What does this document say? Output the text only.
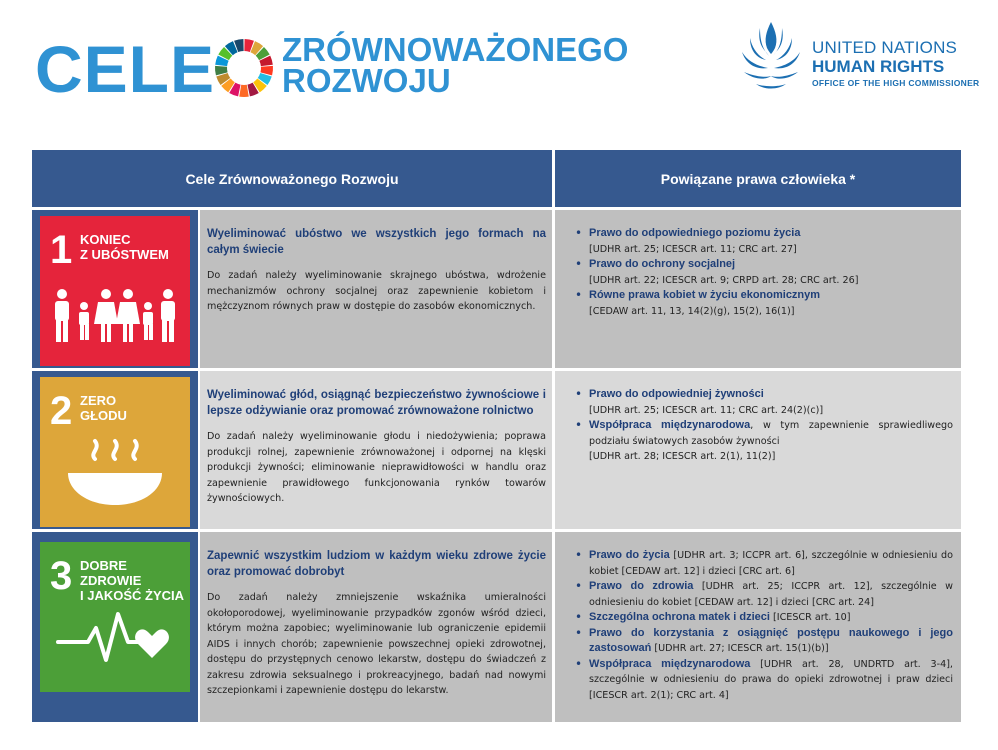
CELE ZRÓWNOWAŻONEGO
ROZWOJU
UNITED NATIONS
HUMAN RIGHTS
OFFICE OF THE HIGH COMMISSIONER
Cele Zrównoważonego Rozwoju	Powiązane prawa człowieka *
1 KONIEC
Z UBÓSTWEM
Wyeliminować ubóstwo we wszystkich jego formach na całym świecie
Do zadań należy wyeliminowanie skrajnego ubóstwa, wdrożenie mechanizmów ochrony socjalnej oraz zapewnienie kobietom i mężczyznom równych praw w dostępie do zasobów ekonomicznych.
• Prawo do odpowiedniego poziomu życia
[UDHR art. 25; ICESCR art. 11; CRC art. 27]
• Prawo do ochrony socjalnej
[UDHR art. 22; ICESCR art. 9; CRPD art. 28; CRC art. 26]
• Równe prawa kobiet w życiu ekonomicznym
[CEDAW art. 11, 13, 14(2)(g), 15(2), 16(1)]
2 ZERO
GŁODU
Wyeliminować głód, osiągnąć bezpieczeństwo żywnościowe i lepsze odżywianie oraz promować zrównoważone rolnictwo
Do zadań należy wyeliminowanie głodu i niedożywienia; poprawa produkcji rolnej, zapewnienie zrównoważonej i odpornej na klęski produkcji żywności; eliminowanie nieprawidłowości w handlu oraz zapewnienie prawidłowego funkcjonowania rynków towarów żywnościowych.
• Prawo do odpowiedniej żywności
[UDHR art. 25; ICESCR art. 11; CRC art. 24(2)(c)]
• Współpraca międzynarodowa, w tym zapewnienie sprawiedliwego podziału światowych zasobów żywności
[UDHR art. 28; ICESCR art. 2(1), 11(2)]
3 DOBRE ZDROWIE
I JAKOŚĆ ŻYCIA
Zapewnić wszystkim ludziom w każdym wieku zdrowe życie oraz promować dobrobyt
Do zadań należy zmniejszenie wskaźnika umieralności okołoporodowej, wyeliminowanie przypadków zgonów wśród dzieci, którym można zapobiec; wyeliminowanie lub ograniczenie epidemii AIDS i innych chorób; zapewnienie powszechnej opieki zdrowotnej, dostępu do przystępnych cenowo lekarstw, dostępu do świadczeń z zakresu zdrowia seksualnego i prokreacyjnego, badań nad nowymi szczepionkami i zapewnienie dostępu do lekarstw.
• Prawo do życia [UDHR art. 3; ICCPR art. 6], szczególnie w odniesieniu do kobiet [CEDAW art. 12] i dzieci [CRC art. 6]
• Prawo do zdrowia [UDHR art. 25; ICCPR art. 12], szczególnie w odniesieniu do kobiet [CEDAW art. 12] i dzieci [CRC art. 24]
• Szczególna ochrona matek i dzieci [ICESCR art. 10]
• Prawo do korzystania z osiągnięć postępu naukowego i jego zastosowań [UDHR art. 27; ICESCR art. 15(1)(b)]
• Współpraca międzynarodowa [UDHR art. 28, UNDRTD art. 3-4], szczególnie w odniesieniu do prawa do opieki zdrowotnej i praw dzieci [ICESCR art. 2(1); CRC art. 4]
